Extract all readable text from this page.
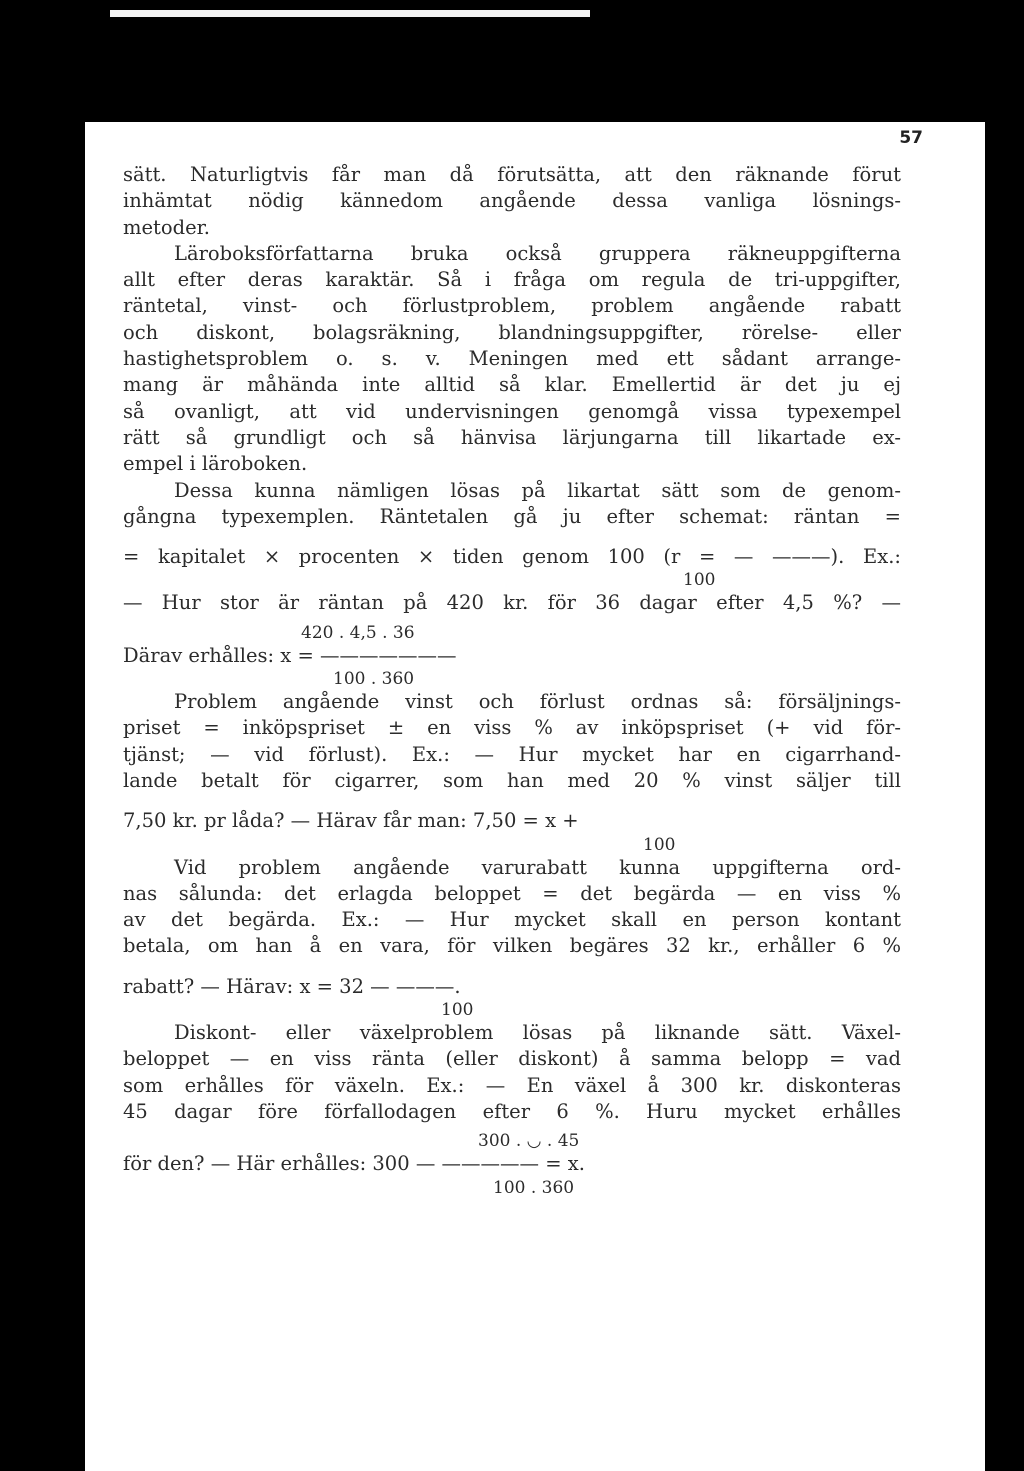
57
sätt. Naturligtvis får man då förutsätta, att den räknande förut
inhämtat nödig kännedom angående dessa vanliga lösnings-
metoder.
Läroboksförfattarna bruka också gruppera räkneuppgifterna
allt efter deras karaktär. Så i fråga om regula de tri-uppgifter,
räntetal, vinst- och förlustproblem, problem angående rabatt
och diskont, bolagsräkning, blandningsuppgifter, rörelse- eller
hastighetsproblem o. s. v. Meningen med ett sådant arrange-
mang är måhända inte alltid så klar. Emellertid är det ju ej
så ovanligt, att vid undervisningen genomgå vissa typexempel
rätt så grundligt och så hänvisa lärjungarna till likartade ex-
empel i läroboken.
Dessa kunna nämligen lösas på likartat sätt som de genom-
gångna typexemplen. Räntetalen gå ju efter schemat: räntan =
= kapitalet × procenten × tiden genom 100 (r = — ———). Ex.:
100
— Hur stor är räntan på 420 kr. för 36 dagar efter 4,5 %? —
420 . 4,5 . 36
Därav erhålles: x = ———————
100 . 360
Problem angående vinst och förlust ordnas så: försäljnings-
priset = inköpspriset ± en viss % av inköpspriset (+ vid för-
tjänst; — vid förlust). Ex.: — Hur mycket har en cigarrhand-
lande betalt för cigarrer, som han med 20 % vinst säljer till
7,50 kr. pr låda? — Härav får man: 7,50 = x +
100
Vid problem angående varurabatt kunna uppgifterna ord-
nas sålunda: det erlagda beloppet = det begärda — en viss %
av det begärda. Ex.: — Hur mycket skall en person kontant
betala, om han å en vara, för vilken begäres 32 kr., erhåller 6 %
rabatt? — Härav: x = 32 — ———.
100
Diskont- eller växelproblem lösas på liknande sätt. Växel-
beloppet — en viss ränta (eller diskont) å samma belopp = vad
som erhålles för växeln. Ex.: — En växel å 300 kr. diskonteras
45 dagar före förfallodagen efter 6 %. Huru mycket erhålles
300 . ◡ . 45
för den? — Här erhålles: 300 — ————— = x.
100 . 360
